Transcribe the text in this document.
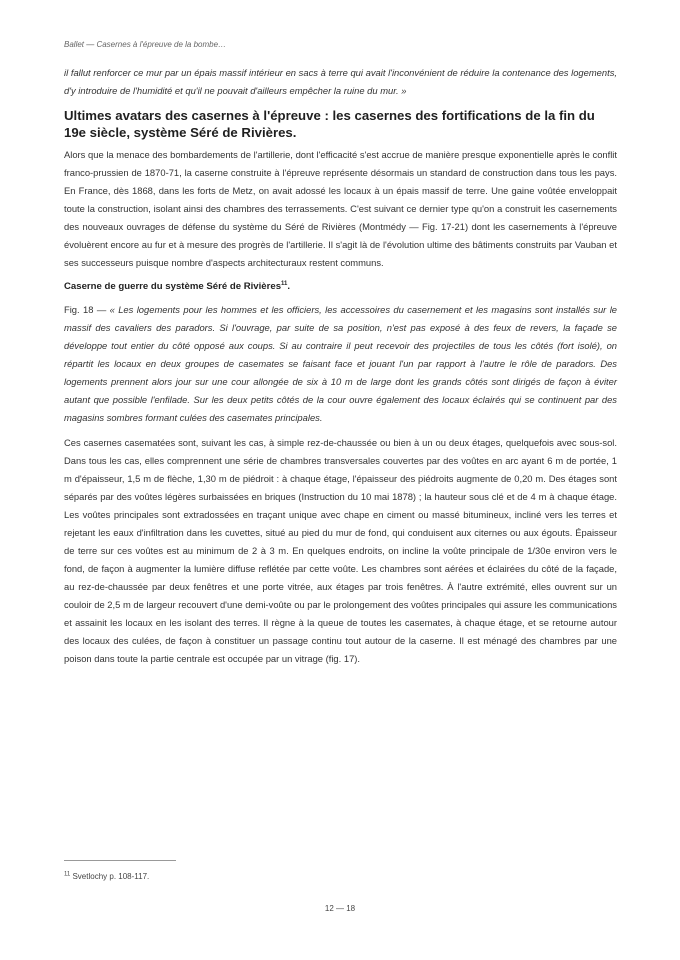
Ballet — Casernes à l'épreuve de la bombe…

il fallut renforcer ce mur par un épais massif intérieur en sacs à terre qui avait l'inconvénient de réduire la contenance des logements, d'y introduire de l'humidité et qu'il ne pouvait d'ailleurs empêcher la ruine du mur. »

Ultimes avatars des casernes à l'épreuve : les casernes des fortifications de la fin du 19e siècle, système Séré de Rivières.

Alors que la menace des bombardements de l'artillerie, dont l'efficacité s'est accrue de manière presque exponentielle après le conflit franco-prussien de 1870-71, la caserne construite à l'épreuve représente désormais un standard de construction dans tous les pays. En France, dès 1868, dans les forts de Metz, on avait adossé les locaux à un épais massif de terre. Une gaine voûtée enveloppait toute la construction, isolant ainsi des chambres des terrassements. C'est suivant ce dernier type qu'on a construit les casernements des nouveaux ouvrages de défense du système du Séré de Rivières (Montmédy — Fig. 17-21) dont les casernements à l'épreuve évoluèrent encore au fur et à mesure des progrès de l'artillerie. Il s'agit là de l'évolution ultime des bâtiments construits par Vauban et ses successeurs puisque nombre d'aspects architecturaux restent communs.

Caserne de guerre du système Séré de Rivières$^{11}$.

Fig. 18 — « Les logements pour les hommes et les officiers, les accessoires du casernement et les magasins sont installés sur le massif des cavaliers des paradors. Si l'ouvrage, par suite de sa position, n'est pas exposé à des feux de revers, la façade se développe tout entier du côté opposé aux coups. Si au contraire il peut recevoir des projectiles de tous les côtés (fort isolé), on répartit les locaux en deux groupes de casemates se faisant face et jouant l'un par rapport à l'autre le rôle de paradors. Des logements prennent alors jour sur une cour allongée de six à 10 m de large dont les grands côtés sont dirigés de façon à éviter autant que possible l'enfilade. Sur les deux petits côtés de la cour ouvre également des locaux éclairés qui se continuent par des magasins sombres formant culées des casemates principales.

Ces casernes casematées sont, suivant les cas, à simple rez-de-chaussée ou bien à un ou deux étages, quelquefois avec sous-sol. Dans tous les cas, elles comprennent une série de chambres transversales couvertes par des voûtes en arc ayant 6 m de portée, 1 m d'épaisseur, 1,5 m de flèche, 1,30 m de piédroit : à chaque étage, l'épaisseur des piédroits augmente de 0,20 m. Des étages sont séparés par des voûtes légères surbaissées en briques (Instruction du 10 mai 1878) ; la hauteur sous clé et de 4 m à chaque étage. Les voûtes principales sont extradossées en traçant unique avec chape en ciment ou massé bitumineux, incliné vers les terres et rejetant les eaux d'infiltration dans les cuvettes, situé au pied du mur de fond, qui conduisent aux citernes ou aux égouts. Épaisseur de terre sur ces voûtes est au minimum de 2 à 3 m. En quelques endroits, on incline la voûte principale de 1/30e environ vers le fond, de façon à augmenter la lumière diffuse reflétée par cette voûte. Les chambres sont aérées et éclairées du côté de la façade, au rez-de-chaussée par deux fenêtres et une porte vitrée, aux étages par trois fenêtres. À l'autre extrémité, elles ouvrent sur un couloir de 2,5 m de largeur recouvert d'une demi-voûte ou par le prolongement des voûtes principales qui assure les communications et assainit les locaux en les isolant des terres. Il règne à la queue de toutes les casemates, à chaque étage, et se retourne autour des locaux des culées, de façon à constituer un passage continu tout autour de la caserne. Il est ménagé des chambres par une poison dans toute la partie centrale est occupée par un vitrage (fig. 17).

$^{11}$ Svetlochy p. 108-117.
12 — 18
